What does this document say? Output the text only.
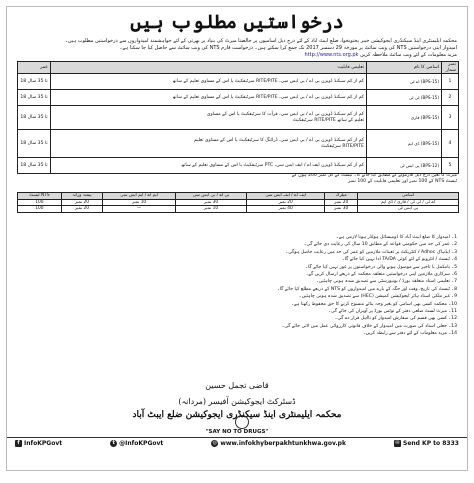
درخواستیں مطلوب ہیں
محکمہ ایلیمنٹری اینڈ سیکنڈری ایجوکیشن خیبر پختونخوا، ضلع ایبٹ آباد کے لئے درج ذیل اسامیوں پر خالصتاً میرٹ کی بنیاد پر بھرتی کے لئے خواہشمند امیدواروں سے درخواستیں مطلوب ہیں۔
امیدوار اپنی درخواستیں NTS کی ویب سائٹ پر مورخہ 29 دسمبر 2017 تک جمع کرا سکتے ہیں۔ درخواست فارم NTS کی ویب سائٹ سے حاصل کیا جا سکتا ہے۔
مزید معلومات کے لئے ویب سائٹ ملاحظہ کریں http://www.nts.org.pk
نمبر شمار	اسامی کا نام	تعلیمی قابلیت	عمر
1	(BPS-15) اے ٹی	کم از کم سیکنڈ ڈویژن بی اے / بی ایس سی، RITE/PITE سرٹیفکیٹ یا اس کے مساوی تعلیم کے ساتھ	18 تا 35 سال
2	(BPS-15) ٹی ٹی	کم از کم سیکنڈ ڈویژن بی اے / بی ایس سی، RITE/PITE سرٹیفکیٹ یا اس کے مساوی تعلیم کے ساتھ	18 تا 35 سال
3	(BPS-15) قاری	کم از کم سیکنڈ ڈویژن بی اے / بی ایس سی، قرأت کا سرٹیفکیٹ یا اس کے مساوی
تعلیم کے ساتھ RITE/PITE سرٹیفکیٹ	18 تا 35 سال
4	(BPS-15) ڈی ایم	کم از کم سیکنڈ ڈویژن بی اے / بی ایس سی، ڈرائنگ کا سرٹیفکیٹ یا اس کے مساوی تعلیم
RITE/PITE سرٹیفکیٹ	18 تا 35 سال
5	(BPS-12) پی ایس ٹی	کم از کم سیکنڈ ڈویژن ایف اے / ایف ایس سی، PTC سرٹیفکیٹ یا اس کے مساوی تعلیم کے ساتھ	18 تا 35 سال
میرٹ کا تعین درج ذیل فارمولے کے مطابق کیا جائے گا۔ ٹیسٹ کے کل نمبر 200 ہوں گے
ٹیسٹ NTS کے 100 نمبر اور تعلیمی قابلیت کے 100 نمبر
اسامی	میٹرک	ایف اے / ایف ایس سی	بی اے / بی ایس سی	ایم اے / ایم ایس سی	پیشہ ورانہ	NTS ٹیسٹ
اے ٹی / ٹی ٹی / قاری / ڈی ایم	20 نمبر	20 نمبر	30 نمبر	10 نمبر	20 نمبر	100
پی ایس ٹی	30 نمبر	40 نمبر	10 نمبر	—	20 نمبر	100
1۔ امیدوار کا ضلع ایبٹ آباد کا ڈومیسائل ہولڈر ہونا لازمی ہے۔
2۔ عمر کی حد میں حکومتی قواعد کے مطابق 10 سال کی رعایت دی جائے گی۔
3۔ ایڈہاک Adhoc / کنٹریکٹ پر تعینات ملازمین کو عمر کی حد میں رعایت حاصل ہوگی۔
4۔ ٹیسٹ / انٹرویو کے لئے کوئی TA/DA ادا نہیں کیا جائے گا۔
5۔ نامکمل یا تاخیر سے موصول ہونے والی درخواستوں پر غور نہیں کیا جائے گا۔
6۔ سرکاری ملازمین اپنی درخواستیں متعلقہ محکمہ کے ذریعے ارسال کریں گے۔
7۔ تعلیمی اسناد متعلقہ بورڈ / یونیورسٹی سے تصدیق شدہ ہونی چاہئیں۔
8۔ ٹیسٹ کی تاریخ، وقت اور جگہ کے بارے میں امیدواروں کو NTS کے ذریعے مطلع کیا جائے گا۔
9۔ غیر ملکی اسناد ہائر ایجوکیشن کمیشن (HEC) سے تصدیق شدہ ہونی چاہئیں۔
10۔ محکمہ کسی بھی اسامی کو بغیر وجہ بتائے منسوخ کرنے کا حق محفوظ رکھتا ہے۔
11۔ میرٹ لسٹ ضلعی دفتر کے نوٹس بورڈ پر آویزاں کی جائے گی۔
12۔ کسی بھی قسم کی سفارش امیدوار کو نااہل قرار دے گی۔
13۔ جعلی اسناد کی صورت میں امیدوار کے خلاف قانونی کارروائی عمل میں لائی جائے گی۔
14۔ مزید معلومات کے لئے دفتر سے رابطہ کریں۔
قاضی تجمل حسین
ڈسٹرکٹ ایجوکیشن آفیسر (مردانہ)
محکمہ ایلیمنٹری اینڈ سیکنڈری ایجوکیشن ضلع ایبٹ آباد
"SAY NO TO DRUGS"
f InfoKPGovt	t @InfoKPGovt	◎ www.infokhyberpakhtunkhwa.gov.pk	✉ Send KP to 8333
